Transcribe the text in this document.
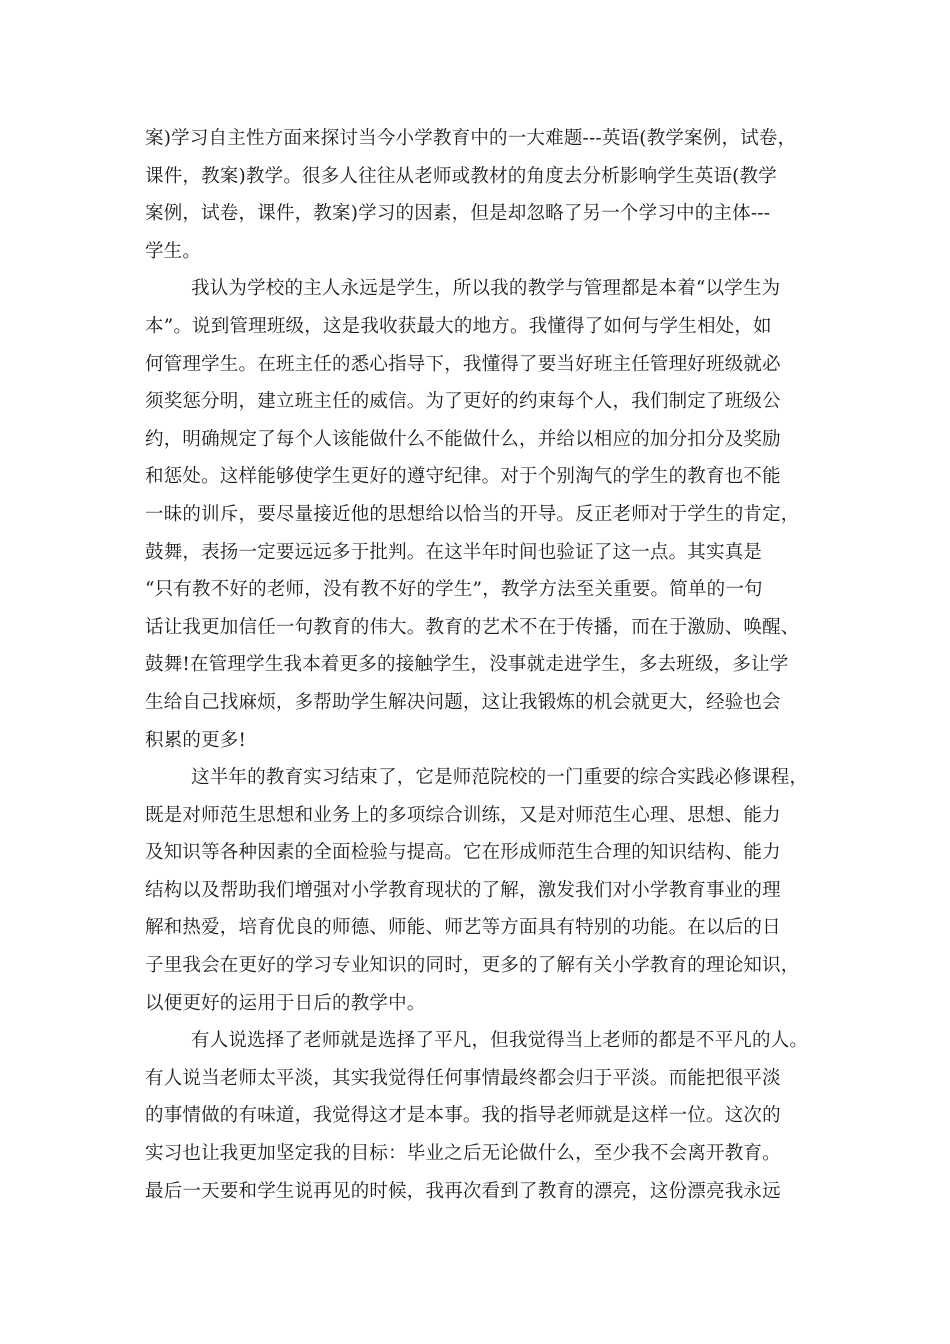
案)学习自主性方面来探讨当今小学教育中的一大难题---英语(教学案例，试卷，
课件，教案)教学。很多人往往从老师或教材的角度去分析影响学生英语(教学
案例，试卷，课件，教案)学习的因素，但是却忽略了另一个学习中的主体---
学生。
我认为学校的主人永远是学生，所以我的教学与管理都是本着“以学生为
本”。说到管理班级，这是我收获最大的地方。我懂得了如何与学生相处，如
何管理学生。在班主任的悉心指导下，我懂得了要当好班主任管理好班级就必
须奖惩分明，建立班主任的威信。为了更好的约束每个人，我们制定了班级公
约，明确规定了每个人该能做什么不能做什么，并给以相应的加分扣分及奖励
和惩处。这样能够使学生更好的遵守纪律。对于个别淘气的学生的教育也不能
一昧的训斥，要尽量接近他的思想给以恰当的开导。反正老师对于学生的肯定，
鼓舞，表扬一定要远远多于批判。在这半年时间也验证了这一点。其实真是
“只有教不好的老师，没有教不好的学生”，教学方法至关重要。简单的一句
话让我更加信任一句教育的伟大。教育的艺术不在于传播，而在于激励、唤醒、
鼓舞!在管理学生我本着更多的接触学生，没事就走进学生，多去班级，多让学
生给自己找麻烦，多帮助学生解决问题，这让我锻炼的机会就更大，经验也会
积累的更多!
这半年的教育实习结束了，它是师范院校的一门重要的综合实践必修课程，
既是对师范生思想和业务上的多项综合训练，又是对师范生心理、思想、能力
及知识等各种因素的全面检验与提高。它在形成师范生合理的知识结构、能力
结构以及帮助我们增强对小学教育现状的了解，激发我们对小学教育事业的理
解和热爱，培育优良的师德、师能、师艺等方面具有特别的功能。在以后的日
子里我会在更好的学习专业知识的同时，更多的了解有关小学教育的理论知识，
以便更好的运用于日后的教学中。
有人说选择了老师就是选择了平凡，但我觉得当上老师的都是不平凡的人。
有人说当老师太平淡，其实我觉得任何事情最终都会归于平淡。而能把很平淡
的事情做的有味道，我觉得这才是本事。我的指导老师就是这样一位。这次的
实习也让我更加坚定我的目标：毕业之后无论做什么，至少我不会离开教育。
最后一天要和学生说再见的时候，我再次看到了教育的漂亮，这份漂亮我永远
